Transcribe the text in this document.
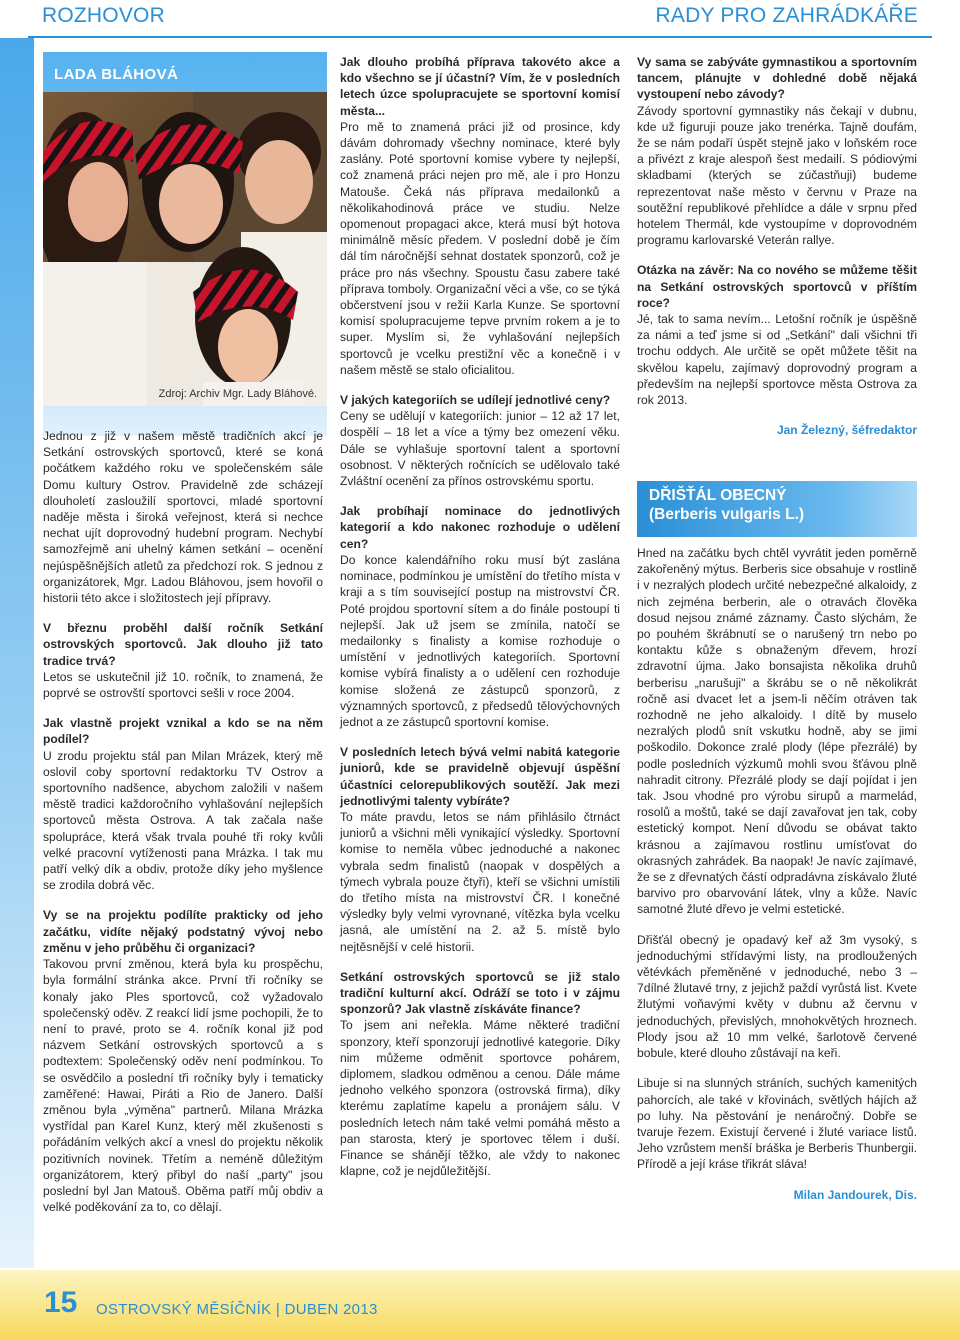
ROZHOVOR	RADY PRO ZAHRÁDKÁŘE
LADA BLÁHOVÁ
Zdroj: Archiv Mgr. Lady Bláhové.

Jednou z již v našem městě tradičních akcí je Setkání ostrovských sportovců, které se koná počátkem každého roku ve společenském sále Domu kultury Ostrov. Pravidelně zde scházejí dlouholetí zasloužilí sportovci, mladé sportovní naděje města i široká veřejnost, která si nechce nechat ujít doprovodný hudební program. Nechybí samozřejmě ani uhelný kámen setkání – ocenění nejúspěšnějších atletů za předchozí rok. S jednou z organizátorek, Mgr. Ladou Bláhovou, jsem hovořil o historii této akce i složitostech její přípravy.

V březnu proběhl další ročník Setkání ostrovských sportovců. Jak dlouho již tato tradice trvá?
Letos se uskutečnil již 10. ročník, to znamená, že poprvé se ostrovští sportovci sešli v roce 2004.

Jak vlastně projekt vznikal a kdo se na něm podílel?
U zrodu projektu stál pan Milan Mrázek, který mě oslovil coby sportovní redaktorku TV Ostrov a sportovního nadšence, abychom založili v našem městě tradici každoročního vyhlašování nejlepších sportovců města Ostrova. A tak začala naše spolupráce, která však trvala pouhé tři roky kvůli velké pracovní vytíženosti pana Mrázka. I tak mu patří velký dík a obdiv, protože díky jeho myšlence se zrodila dobrá věc.

Vy se na projektu podílíte prakticky od jeho začátku, vidíte nějaký podstatný vývoj nebo změnu v jeho průběhu či organizaci?
Takovou první změnou, která byla ku prospěchu, byla formální stránka akce. První tři ročníky se konaly jako Ples sportovců, což vyžadovalo společenský oděv. Z reakcí lidí jsme pochopili, že to není to pravé, proto se 4. ročník konal již pod názvem Setkání ostrovských sportovců a s podtextem: Společenský oděv není podmínkou. To se osvědčilo a poslední tři ročníky byly i tematicky zaměřené: Hawai, Piráti a Rio de Janero. Další změnou byla „výměna" partnerů. Milana Mrázka vystřídal pan Karel Kunz, který měl zkušenosti s pořádáním velkých akcí a vnesl do projektu několik pozitivních novinek. Třetím a neméně důležitým organizátorem, který přibyl do naší „party" jsou poslední byl Jan Matouš. Oběma patří můj obdiv a velké poděkování za to, co dělají.

Jak dlouho probíhá příprava takovéto akce a kdo všechno se jí účastní? Vím, že v posledních letech úzce spolupracujete se sportovní komisí města...
Pro mě to znamená práci již od prosince, kdy dávám dohromady všechny nominace, které byly zaslány. Poté sportovní komise vybere ty nejlepší, což znamená práci nejen pro mě, ale i pro Honzu Matouše. Čeká nás příprava medailonků a několikahodinová práce ve studiu. Nelze opomenout propagaci akce, která musí být hotova minimálně měsíc předem. V poslední době je čím dál tím náročnější sehnat dostatek sponzorů, což je práce pro nás všechny. Spoustu času zabere také příprava tomboly. Organizační věci a vše, co se týká občerstvení jsou v režii Karla Kunze. Se sportovní komisí spolupracujeme tepve prvním rokem a je to super. Myslím si, že vyhlašování nejlepších sportovců je vcelku prestižní věc a konečně i v našem městě se stalo oficialitou.

V jakých kategoriích se udílejí jednotlivé ceny?
Ceny se udělují v kategoriích: junior – 12 až 17 let, dospělí – 18 let a více a týmy bez omezení věku. Dále se vyhlašuje sportovní talent a sportovní osobnost. V některých ročnících se udělovalo také Zvláštní ocenění za přínos ostrovskému sportu.

Jak probíhají nominace do jednotlivých kategorií a kdo nakonec rozhoduje o udělení cen?
Do konce kalendářního roku musí být zaslána nominace, podmínkou je umístění do třetího místa v kraji a s tím související postup na mistrovství ČR. Poté projdou sportovní sítem a do finále postoupí ti nejlepší. Jak už jsem se zmínila, natočí se medailonky s finalisty a komise rozhoduje o umístění v jednotlivých kategoriích. Sportovní komise vybírá finalisty a o udělení cen rozhoduje komise složená ze zástupců sponzorů, z významných sportovců, z předsedů tělovýchovných jednot a ze zástupců sportovní komise.

V posledních letech bývá velmi nabitá kategorie juniorů, kde se pravidelně objevují úspěšní účastníci celorepublikových soutěží. Jak mezi jednotlivými talenty vybíráte?
To máte pravdu, letos se nám přihlásilo čtrnáct juniorů a všichni měli vynikající výsledky. Sportovní komise to neměla vůbec jednoduché a nakonec vybrala sedm finalistů (naopak v dospělých a týmech vybrala pouze čtyři), kteří se všichni umístili do třetího místa na mistrovství ČR. I konečné výsledky byly velmi vyrovnané, vítězka byla vcelku jasná, ale umístění na 2. až 5. místě bylo nejtěsnější v celé historii.

Setkání ostrovských sportovců se již stalo tradiční kulturní akcí. Odráží se toto i v zájmu sponzorů? Jak vlastně získáváte finance?
To jsem ani neřekla. Máme některé tradiční sponzory, kteří sponzorují jednotlivé kategorie. Díky nim můžeme odměnit sportovce pohárem, diplomem, sladkou odměnou a cenou. Dále máme jednoho velkého sponzora (ostrovská firma), díky kterému zaplatíme kapelu a pronájem sálu. V posledních letech nám také velmi pomáhá město a pan starosta, který je sportovec tělem i duší. Finance se shánějí těžko, ale vždy to nakonec klapne, což je nejdůležitější.

Vy sama se zabýváte gymnastikou a sportovním tancem, plánujte v dohledné době nějaká vystoupení nebo závody?
Závody sportovní gymnastiky nás čekají v dubnu, kde už figuruji pouze jako trenérka. Tajně doufám, že se nám podaří úspět stejně jako v loňském roce a přivézt z kraje alespoň šest medailí. S pódiovými skladbami (kterých se zúčastňuji) budeme reprezentovat naše město v červnu v Praze na soutěžní republikové přehlídce a dále v srpnu před hotelem Thermál, kde vystoupíme v doprovodném programu karlovarské Veterán rallye.

Otázka na závěr: Na co nového se můžeme těšit na Setkání ostrovských sportovců v příštím roce?
Jé, tak to sama nevím... Letošní ročník je úspěšně za námi a teď jsme si od „Setkání" dali všichni tři trochu oddych. Ale určitě se opět můžete těšit na skvělou kapelu, zajímavý doprovodný program a především na nejlepší sportovce města Ostrova za rok 2013.

Jan Železný, šéfredaktor
DŘIŠŤÁL OBECNÝ
(Berberis vulgaris L.)

Hned na začátku bych chtěl vyvrátit jeden poměrně zakořeněný mýtus. Berberis sice obsahuje v rostlině i v nezralých plodech určité nebezpečné alkaloidy, z nich zejména berberin, ale o otravách člověka dosud nejsou známé záznamy. Často slýchám, že po pouhém škrábnutí se o narušený trn nebo po kontaktu kůže s obnaženým dřevem, hrozí zdravotní újma. Jako bonsajista několika druhů berberisu „narušuji" a škrábu se o ně několikrát ročně asi dvacet let a jsem-li něčím otráven tak rozhodně ne jeho alkaloidy. I dítě by muselo nezralých plodů snít vskutku hodně, aby se jimi poškodilo. Dokonce zralé plody (lépe přezrálé) by podle posledních výzkumů mohli svou šťávou plně nahradit citrony. Přezrálé plody se dají pojídat i jen tak. Jsou vhodné pro výrobu sirupů a marmelád, rosolů a moštů, také se dají zavařovat jen tak, coby estetický kompot. Není důvodu se obávat takto krásnou a zajímavou rostlinu umísťovat do okrasných zahrádek. Ba naopak! Je navíc zajímavé, že se z dřevnatých částí odpradávna získávalo žluté barvivo pro obarvování látek, vlny a kůže. Navíc samotné žluté dřevo je velmi estetické.

Dřišťál obecný je opadavý keř až 3m vysoký, s jednoduchými střídavými listy, na prodloužených větévkách přeměněné v jednoduché, nebo 3 – 7dílné žlutavé trny, z jejichž paždí vyrůstá list. Kvete žlutými voňavými květy v dubnu až červnu v jednoduchých, převislých, mnohokvětých hroznech. Plody jsou až 10 mm velké, šarlotově červené bobule, které dlouho zůstávají na keři.

Libuje si na slunných stráních, suchých kamenitých pahorcích, ale také v křovinách, světlých hájích až po luhy. Na pěstování je nenáročný. Dobře se tvaruje řezem. Existují červené i žluté variace listů. Jeho vzrůstem menší bráška je Berberis Thunbergii. Přírodě a její kráse třikrát sláva!

Milan Jandourek, Dis.
15 OSTROVSKÝ MĚSÍČNÍK | DUBEN 2013
